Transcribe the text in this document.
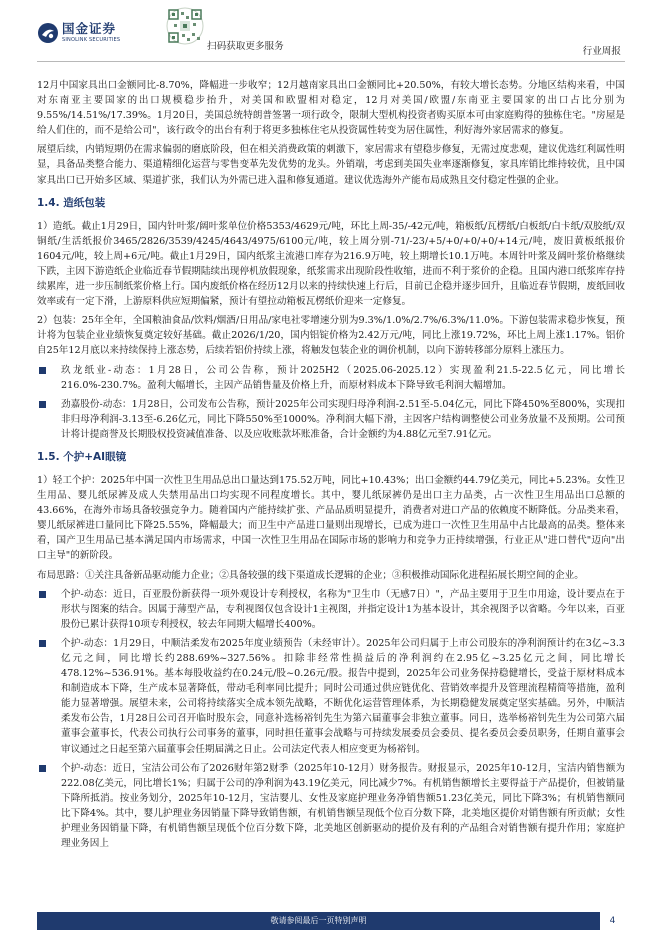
国金证券
SINOLINK SECURITIES
扫码获取更多服务	行业周报

12月中国家具出口金额同比-8.70%，降幅进一步收窄；12月越南家具出口金额同比+20.50%，有较大增长态势。分地区结构来看，中国对东南亚主要国家的出口规模稳步抬升，对美国和欧盟相对稳定，12月对美国/欧盟/东南亚主要国家的出口占比分别为9.55%/14.51%/17.39%。1月20日，美国总统特朗普签署一项行政令，限制大型机构投资者购买原本可由家庭购得的独栋住宅。"房屋是给人们住的，而不是给公司"，该行政令的出台有利于将更多独栋住宅从投资属性转变为居住属性，利好海外家居需求的修复。

展望后续，内销短期仍在需求偏弱的磨底阶段，但在相关消费政策的刺激下，家居需求有望稳步修复，无需过度悲观，建议优选红利属性明显，具备品类整合能力、渠道精细化运营与零售变革先发优势的龙头。外销端，考虑到美国失业率逐渐修复，家具库销比维持较优，且中国家具出口已开始多区域、渠道扩张，我们认为外需已进入温和修复通道。建议优选海外产能布局成熟且交付稳定性强的企业。

1.4. 造纸包装

1）造纸。截止1月29日，国内针叶浆/阔叶浆单位价格5353/4629元/吨，环比上周-35/-42元/吨，箱板纸/瓦楞纸/白板纸/白卡纸/双胶纸/双铜纸/生活纸报价3465/2826/3539/4245/4643/4975/6100元/吨，较上周分别-71/-23/+5/+0/+0/+0/+14元/吨，废旧黄板纸报价1604元/吨，较上周+6元/吨。截止1月29日，国内纸浆主流港口库存为216.9万吨，较上期增长10.1万吨。本周针叶浆及阔叶浆价格继续下跌，主因下游造纸企业临近春节假期陆续出现停机放假现象，纸浆需求出现阶段性收缩，进而不利于浆价的企稳。且国内港口纸浆库存持续累库，进一步压制纸浆价格上行。国内废纸价格在经历12月以来的持续快速上行后，目前已企稳并逐步回升，且临近春节假期，废纸回收效率或有一定下滑，上游原料供应短期偏紧，预计有望拉动箱板瓦楞纸价迎来一定修复。

2）包装：25年全年，全国粮油食品/饮料/烟酒/日用品/家电社零增速分别为9.3%/1.0%/2.7%/6.3%/11.0%。下游包装需求稳步恢复，预计将为包装企业业绩恢复奠定较好基础。截止2026/1/20，国内铝锭价格为2.42万元/吨，同比上涨19.72%，环比上周上涨1.17%。铝价自25年12月底以来持续保持上涨态势，后续若铝价持续上涨，将触发包装企业的调价机制，以向下游转移部分原料上涨压力。

玖龙纸业-动态：1月28日，公司公告称，预计2025H2（2025.06-2025.12）实现盈利21.5-22.5亿元，同比增长216.0%-230.7%。盈利大幅增长，主因产品销售量及价格上升，而原材料成本下降导致毛利润大幅增加。
劲嘉股份-动态：1月28日，公司发布公告称，预计2025年公司实现归母净利润-2.51至-5.04亿元，同比下降450%至800%，实现扣非归母净利润-3.13至-6.26亿元，同比下降550%至1000%。净利润大幅下滑，主因客户结构调整使公司业务放量不及预期。公司预计将计提商誉及长期股权投资减值准备、以及应收账款坏账准备，合计金额约为4.88亿元至7.91亿元。
1.5. 个护+AI眼镜

1）轻工个护：2025年中国一次性卫生用品总出口量达到175.52万吨，同比+10.43%；出口金额约44.79亿美元，同比+5.23%。女性卫生用品、婴儿纸尿裤及成人失禁用品出口均实现不同程度增长。其中，婴儿纸尿裤仍是出口主力品类，占一次性卫生用品出口总额的43.66%，在海外市场具备较强竞争力。随着国内产能持续扩张、产品品质明显提升，消费者对进口产品的依赖度不断降低。分品类来看，婴儿纸尿裤进口量同比下降25.55%，降幅最大；而卫生中产品进口量则出现增长，已成为进口一次性卫生用品中占比最高的品类。整体来看，国产卫生用品已基本满足国内市场需求，中国一次性卫生用品在国际市场的影响力和竞争力正持续增强，行业正从"进口替代"迈向"出口主导"的新阶段。

布局思路：①关注具备新品驱动能力企业；②具备较强的线下渠道成长逻辑的企业；③积极推动国际化进程拓展长期空间的企业。

个护-动态：近日，百亚股份新获得一项外观设计专利授权，名称为"卫生巾（无感7日）"，产品主要用于卫生巾用途，设计要点在于形状与图案的结合。因属于薄型产品，专利视图仅包含设计1主视图，并指定设计1为基本设计，其余视图予以省略。今年以来，百亚股份已累计获得10项专利授权，较去年同期大幅增长400%。
个护-动态：1月29日，中顺洁柔发布2025年度业绩预告（未经审计）。2025年公司归属于上市公司股东的净利润预计约在3亿~3.3亿元之间，同比增长约288.69%~327.56%。扣除非经常性损益后的净利润约在2.95亿~3.25亿元之间，同比增长478.12%~536.91%。基本每股收益约在0.24元/股~0.26元/股。报告中提到，2025年公司业务保持稳健增长，受益于原材料成本和制造成本下降，生产成本显著降低，带动毛利率同比提升；同时公司通过供应链优化、营销效率提升及管理流程精简等措施，盈利能力显著增强。展望未来，公司将持续落实全成本领先战略，不断优化运营管理体系，为长期稳健发展奠定坚实基础。另外，中顺洁柔发布公告，1月28日公司召开临时股东会，同意补选杨裕钊先生为第六届董事会非独立董事。同日，选举杨裕钊先生为公司第六届董事会董事长，代表公司执行公司事务的董事，同时担任董事会战略与可持续发展委员会委员、提名委员会委员职务，任期自董事会审议通过之日起至第六届董事会任期届满之日止。公司法定代表人相应变更为杨裕钊。
个护-动态：近日，宝洁公司公布了2026财年第2财季（2025年10-12月）财务报告。财报显示，2025年10-12月，宝洁内销售额为222.08亿美元，同比增长1%；归属于公司的净利润为43.19亿美元，同比减少7%。有机销售额增长主要得益于产品提价，但被销量下降所抵消。按业务划分，2025年10-12月，宝洁婴儿、女性及家庭护理业务净销售额51.23亿美元，同比下降3%；有机销售额同比下降4%。其中，婴儿护理业务因销量下降导致销售额，有机销售额呈现低个位百分数下降，北美地区提价对销售额有所贡献；女性护理业务因销量下降，有机销售额呈现低个位百分数下降，北美地区创新驱动的提价及有利的产品组合对销售额有提升作用；家庭护理业务因上
敬请参阅最后一页特别声明	4
